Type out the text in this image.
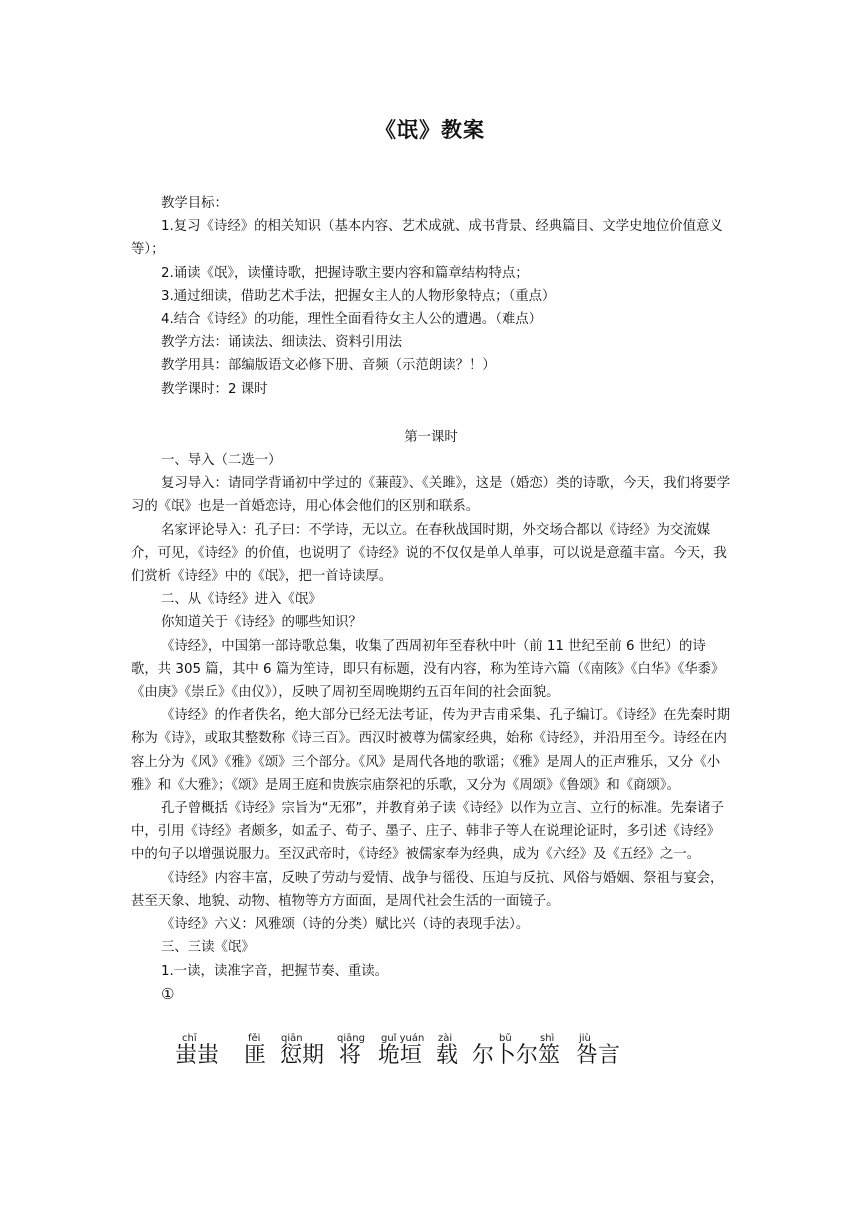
《氓》教案

教学目标：

1.复习《诗经》的相关知识（基本内容、艺术成就、成书背景、经典篇目、文学史地位价值意义等）；

2.诵读《氓》，读懂诗歌，把握诗歌主要内容和篇章结构特点；

3.通过细读，借助艺术手法，把握女主人的人物形象特点；（重点）

4.结合《诗经》的功能，理性全面看待女主人公的遭遇。（难点）

教学方法：诵读法、细读法、资料引用法

教学用具：部编版语文必修下册、音频（示范朗读？！）

教学课时：2 课时

第一课时

一、导入（二选一）

复习导入：请同学背诵初中学过的《蒹葭》、《关雎》，这是（婚恋）类的诗歌，今天，我们将要学习的《氓》也是一首婚恋诗，用心体会他们的区别和联系。

名家评论导入：孔子曰：不学诗，无以立。在春秋战国时期，外交场合都以《诗经》为交流媒介，可见，《诗经》的价值，也说明了《诗经》说的不仅仅是单人单事，可以说是意蕴丰富。今天，我们赏析《诗经》中的《氓》，把一首诗读厚。

二、从《诗经》进入《氓》

你知道关于《诗经》的哪些知识？

《诗经》，中国第一部诗歌总集，收集了西周初年至春秋中叶（前 11 世纪至前 6 世纪）的诗歌，共 305 篇，其中 6 篇为笙诗，即只有标题，没有内容，称为笙诗六篇（《南陔》《白华》《华黍》《由庚》《崇丘》《由仪》），反映了周初至周晚期约五百年间的社会面貌。

《诗经》的作者佚名，绝大部分已经无法考证，传为尹吉甫采集、孔子编订。《诗经》在先秦时期称为《诗》，或取其整数称《诗三百》。西汉时被尊为儒家经典，始称《诗经》，并沿用至今。诗经在内容上分为《风》《雅》《颂》三个部分。《风》是周代各地的歌谣；《雅》是周人的正声雅乐，又分《小雅》和《大雅》；《颂》是周王庭和贵族宗庙祭祀的乐歌，又分为《周颂》《鲁颂》和《商颂》。

孔子曾概括《诗经》宗旨为“无邪”，并教育弟子读《诗经》以作为立言、立行的标准。先秦诸子中，引用《诗经》者颇多，如孟子、荀子、墨子、庄子、韩非子等人在说理论证时，多引述《诗经》中的句子以增强说服力。至汉武帝时，《诗经》被儒家奉为经典，成为《六经》及《五经》之一。

《诗经》内容丰富，反映了劳动与爱情、战争与徭役、压迫与反抗、风俗与婚姻、祭祖与宴会，甚至天象、地貌、动物、植物等方方面面，是周代社会生活的一面镜子。

《诗经》六义：风雅颂（诗的分类）赋比兴（诗的表现手法）。

三、三读《氓》

1.一读，读准字音，把握节奏、重读。

①

chī
蚩蚩
fěi
匪
qiān
愆期
qiāng
将
guǐ yuán
垝垣
zài
载
bǔ
尔卜
shì
尔筮
jiù
咎言
